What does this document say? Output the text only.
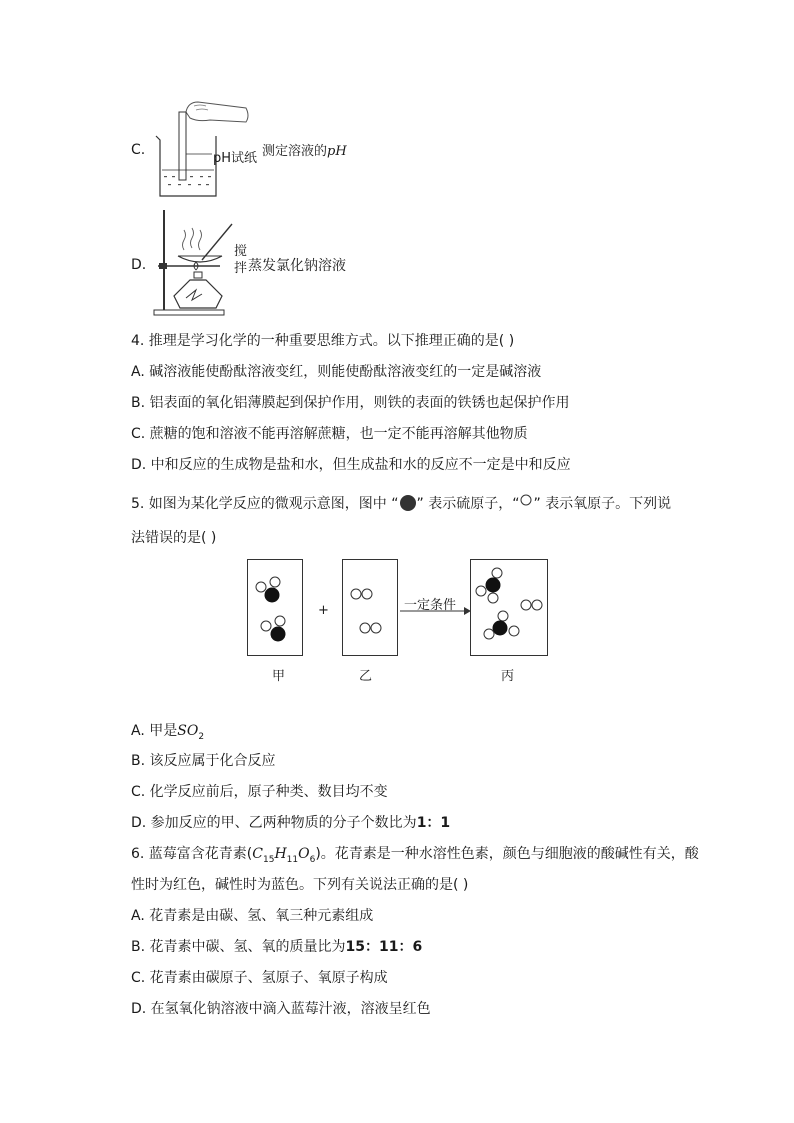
C.
pH试纸 测定溶液的pH
D.
搅
拌 蒸发氯化钠溶液
4. 推理是学习化学的一种重要思维方式。以下推理正确的是( )
A. 碱溶液能使酚酞溶液变红，则能使酚酞溶液变红的一定是碱溶液
B. 铝表面的氧化铝薄膜起到保护作用，则铁的表面的铁锈也起保护作用
C. 蔗糖的饱和溶液不能再溶解蔗糖，也一定不能再溶解其他物质
D. 中和反应的生成物是盐和水，但生成盐和水的反应不一定是中和反应
5. 如图为某化学反应的微观示意图，图中 “ ” 表示硫原子，“ ” 表示氧原子。下列说
法错误的是( )
+	一定条件
甲	乙	丙
A. 甲是$SO_2$
B. 该反应属于化合反应
C. 化学反应前后，原子种类、数目均不变
D. 参加反应的甲、乙两种物质的分子个数比为1：1
6. 蓝莓富含花青素$(C_{15}H_{11}O_6)$。花青素是一种水溶性色素，颜色与细胞液的酸碱性有关，酸
性时为红色，碱性时为蓝色。下列有关说法正确的是( )
A. 花青素是由碳、氢、氧三种元素组成
B. 花青素中碳、氢、氧的质量比为15：11：6
C. 花青素由碳原子、氢原子、氧原子构成
D. 在氢氧化钠溶液中滴入蓝莓汁液，溶液呈红色
